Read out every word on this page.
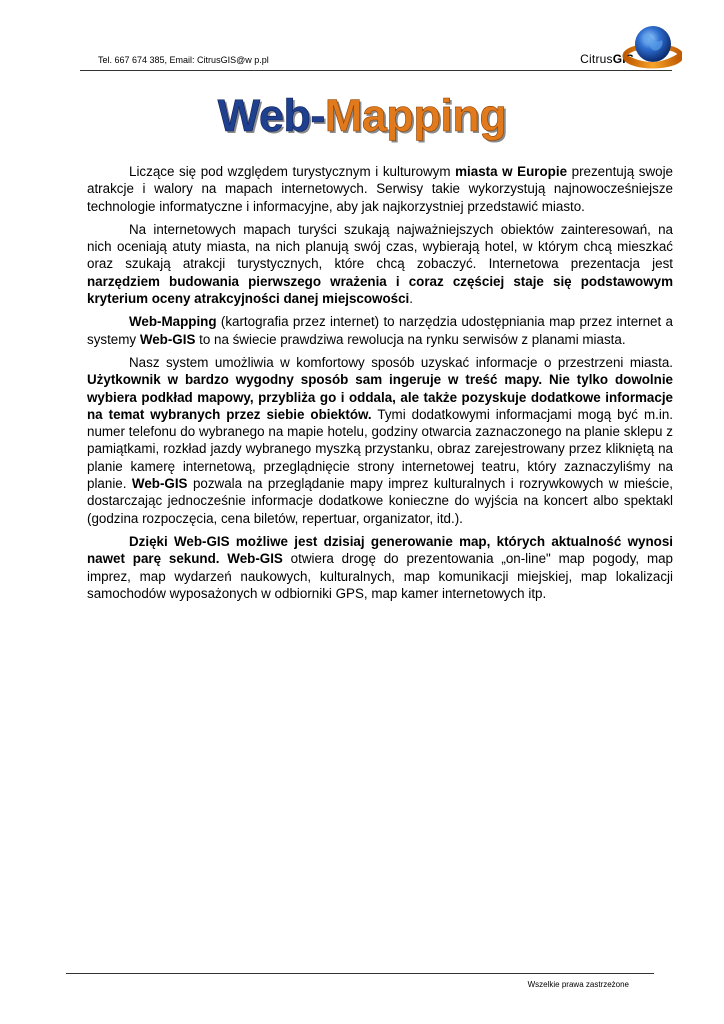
Tel. 667 674 385, Email: CitrusGIS@w p.pl	CitrusGIS
Web-Mapping

Liczące się pod względem turystycznym i kulturowym miasta w Europie prezentują swoje atrakcje i walory na mapach internetowych. Serwisy takie wykorzystują najnowocześniejsze technologie informatyczne i informacyjne, aby jak najkorzystniej przedstawić miasto.

Na internetowych mapach turyści szukają najważniejszych obiektów zainteresowań, na nich oceniają atuty miasta, na nich planują swój czas, wybierają hotel, w którym chcą mieszkać oraz szukają atrakcji turystycznych, które chcą zobaczyć. Internetowa prezentacja jest narzędziem budowania pierwszego wrażenia i coraz częściej staje się podstawowym kryterium oceny atrakcyjności danej miejscowości.

Web-Mapping (kartografia przez internet) to narzędzia udostępniania map przez internet a systemy Web-GIS to na świecie prawdziwa rewolucja na rynku serwisów z planami miasta.

Nasz system umożliwia w komfortowy sposób uzyskać informacje o przestrzeni miasta. Użytkownik w bardzo wygodny sposób sam ingeruje w treść mapy. Nie tylko dowolnie wybiera podkład mapowy, przybliża go i oddala, ale także pozyskuje dodatkowe informacje na temat wybranych przez siebie obiektów. Tymi dodatkowymi informacjami mogą być m.in. numer telefonu do wybranego na mapie hotelu, godziny otwarcia zaznaczonego na planie sklepu z pamiątkami, rozkład jazdy wybranego myszką przystanku, obraz zarejestrowany przez klikniętą na planie kamerę internetową, przeglądnięcie strony internetowej teatru, który zaznaczyliśmy na planie. Web-GIS pozwala na przeglądanie mapy imprez kulturalnych i rozrywkowych w mieście, dostarczając jednocześnie informacje dodatkowe konieczne do wyjścia na koncert albo spektakl (godzina rozpoczęcia, cena biletów, repertuar, organizator, itd.).

Dzięki Web-GIS możliwe jest dzisiaj generowanie map, których aktualność wynosi nawet parę sekund. Web-GIS otwiera drogę do prezentowania „on-line" map pogody, map imprez, map wydarzeń naukowych, kulturalnych, map komunikacji miejskiej, map lokalizacji samochodów wyposażonych w odbiorniki GPS, map kamer internetowych itp.

Wszelkie prawa zastrzeżone
